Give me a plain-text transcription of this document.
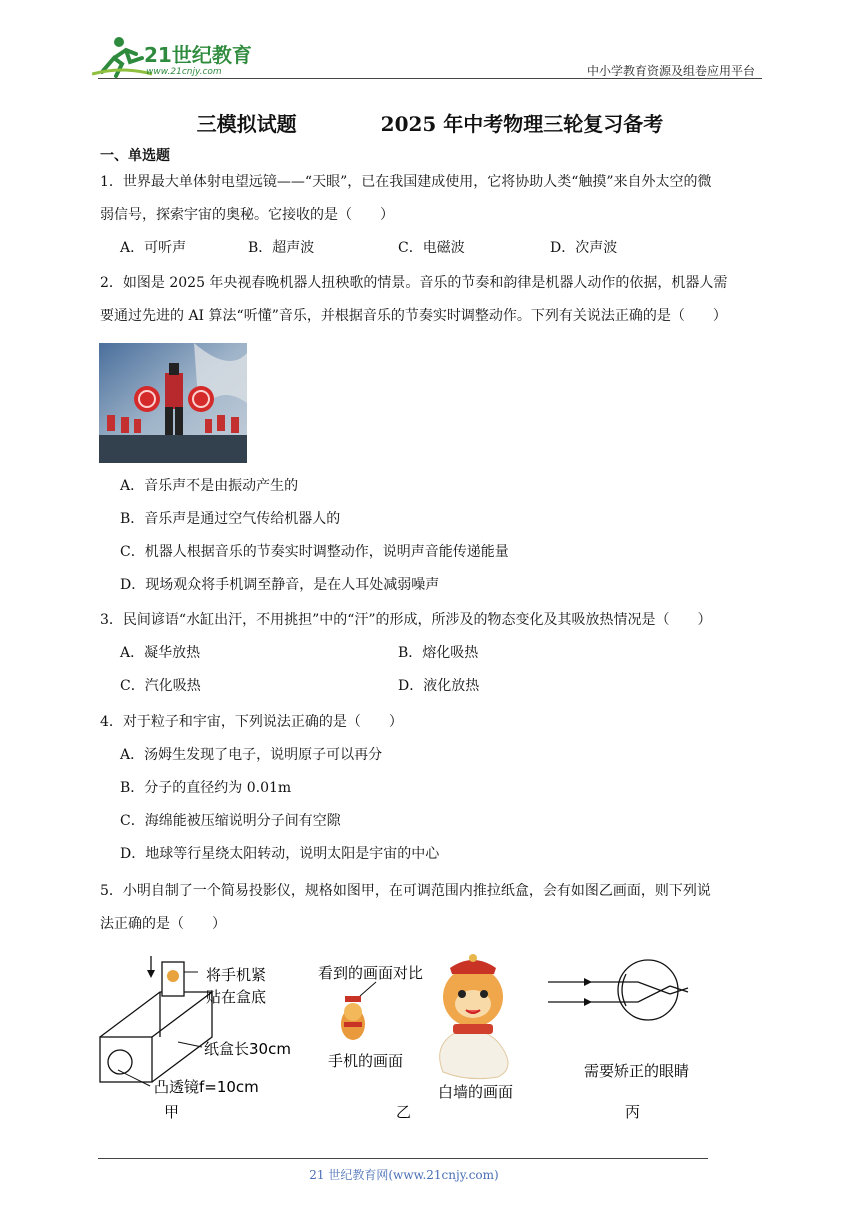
21世纪教育
www.21cnjy.com	中小学教育资源及组卷应用平台
三模拟试题	2025 年中考物理三轮复习备考
一、单选题
1．世界最大单体射电望远镜——“天眼”，已在我国建成使用，它将协助人类“触摸”来自外太空的微
弱信号，探索宇宙的奥秘。它接收的是（　　）
A．可听声	B．超声波	C．电磁波	D．次声波
2．如图是 2025 年央视春晚机器人扭秧歌的情景。音乐的节奏和韵律是机器人动作的依据，机器人需
要通过先进的 AI 算法“听懂”音乐，并根据音乐的节奏实时调整动作。下列有关说法正确的是（　　）
A．音乐声不是由振动产生的
B．音乐声是通过空气传给机器人的
C．机器人根据音乐的节奏实时调整动作，说明声音能传递能量
D．现场观众将手机调至静音，是在人耳处减弱噪声
3．民间谚语“水缸出汗，不用挑担”中的“汗”的形成，所涉及的物态变化及其吸放热情况是（　　）
A．凝华放热	B．熔化吸热
C．汽化吸热	D．液化放热
4．对于粒子和宇宙，下列说法正确的是（　　）
A．汤姆生发现了电子，说明原子可以再分
B．分子的直径约为 0.01m
C．海绵能被压缩说明分子间有空隙
D．地球等行星绕太阳转动，说明太阳是宇宙的中心
5．小明自制了一个简易投影仪，规格如图甲，在可调范围内推拉纸盒，会有如图乙画面，则下列说
法正确的是（　　）
将手机紧
贴在盒底
纸盒长30cm
凸透镜f=10cm
甲
看到的画面对比
手机的画面
白墙的画面
乙
需要矫正的眼睛
丙
21 世纪教育网(www.21cnjy.com)
